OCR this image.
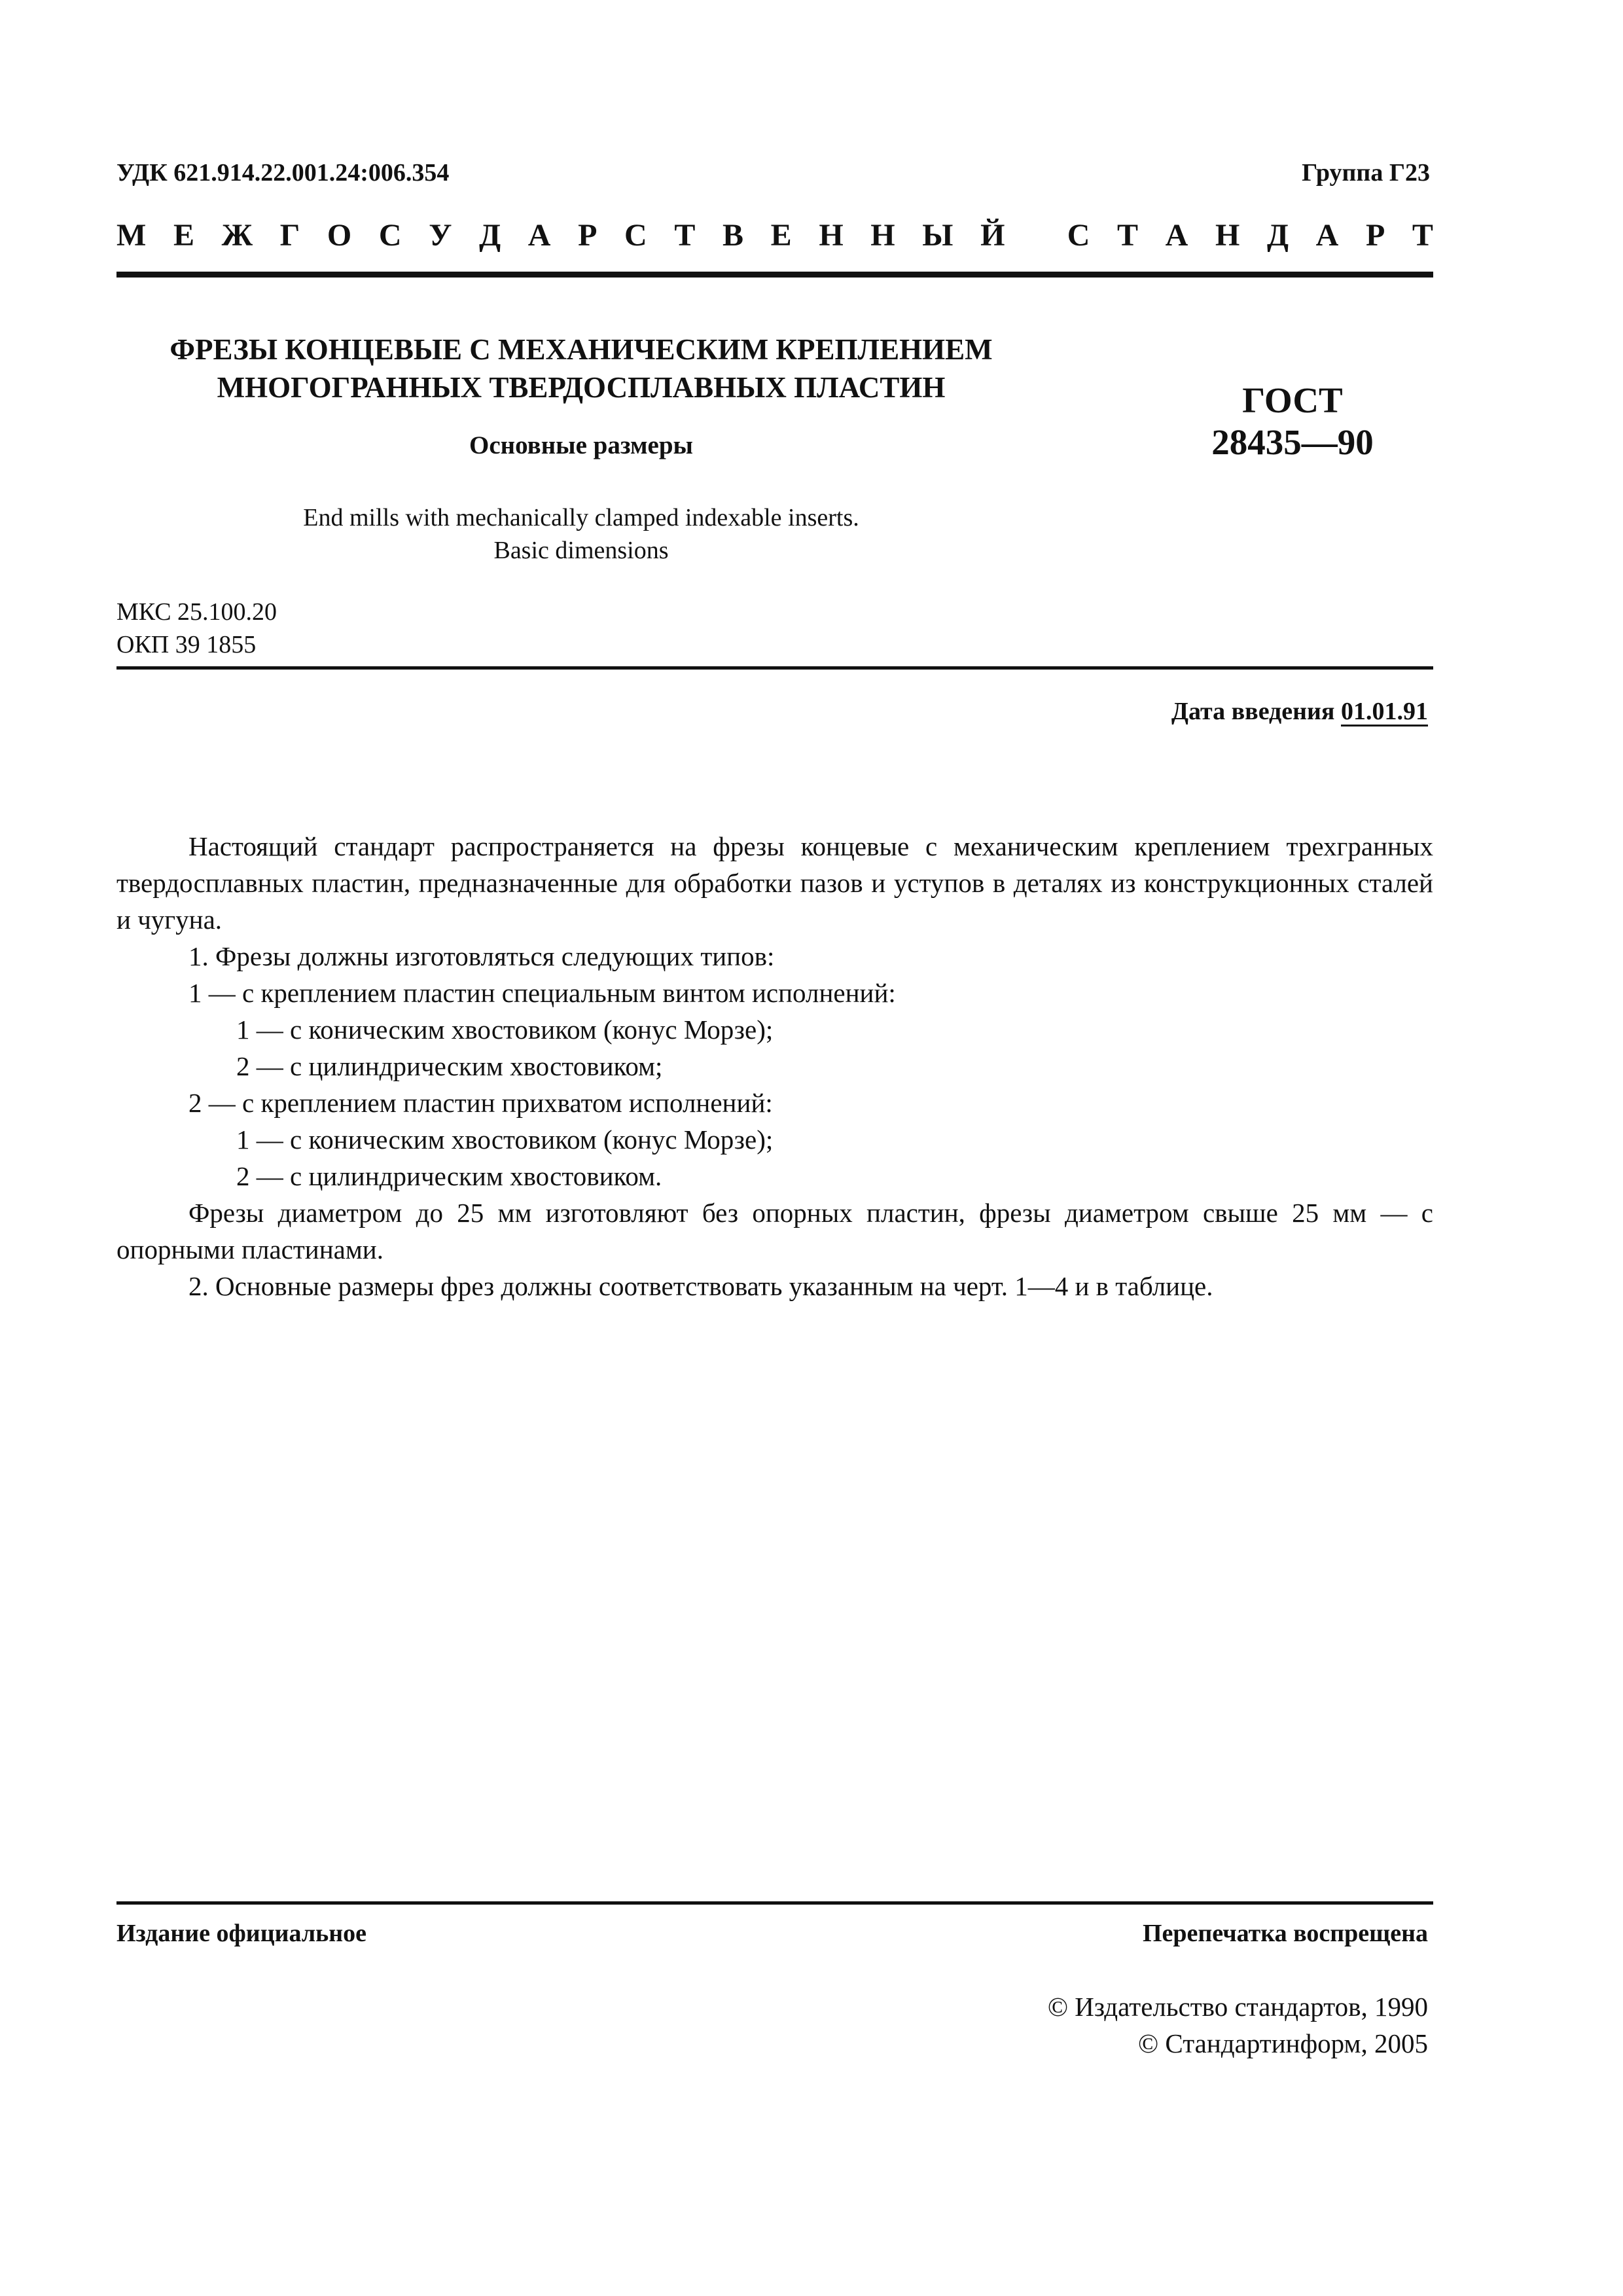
УДК 621.914.22.001.24:006.354	Группа Г23
М Е Ж Г О С У Д А Р С Т В Е Н Н Ы Й
С Т А Н Д А Р Т
ФРЕЗЫ КОНЦЕВЫЕ С МЕХАНИЧЕСКИМ КРЕПЛЕНИЕМ
МНОГОГРАННЫХ ТВЕРДОСПЛАВНЫХ ПЛАСТИН
Основные размеры
ГОСТ
28435—90
End mills with mechanically clamped indexable inserts.
Basic dimensions
МКС 25.100.20
ОКП 39 1855
Дата введения 01.01.91

Настоящий стандарт распространяется на фрезы концевые с механическим креплением трехгранных твердосплавных пластин, предназначенные для обработки пазов и уступов в деталях из конструкционных сталей и чугуна.

1. Фрезы должны изготовляться следующих типов:

1 — с креплением пластин специальным винтом исполнений:

1 — с коническим хвостовиком (конус Морзе);

2 — с цилиндрическим хвостовиком;

2 — с креплением пластин прихватом исполнений:

1 — с коническим хвостовиком (конус Морзе);

2 — с цилиндрическим хвостовиком.

Фрезы диаметром до 25 мм изготовляют без опорных пластин, фрезы диаметром свыше 25 мм — с опорными пластинами.

2. Основные размеры фрез должны соответствовать указанным на черт. 1—4 и в таблице.

Издание официальное	Перепечатка воспрещена
© Издательство стандартов, 1990
© Стандартинформ, 2005
